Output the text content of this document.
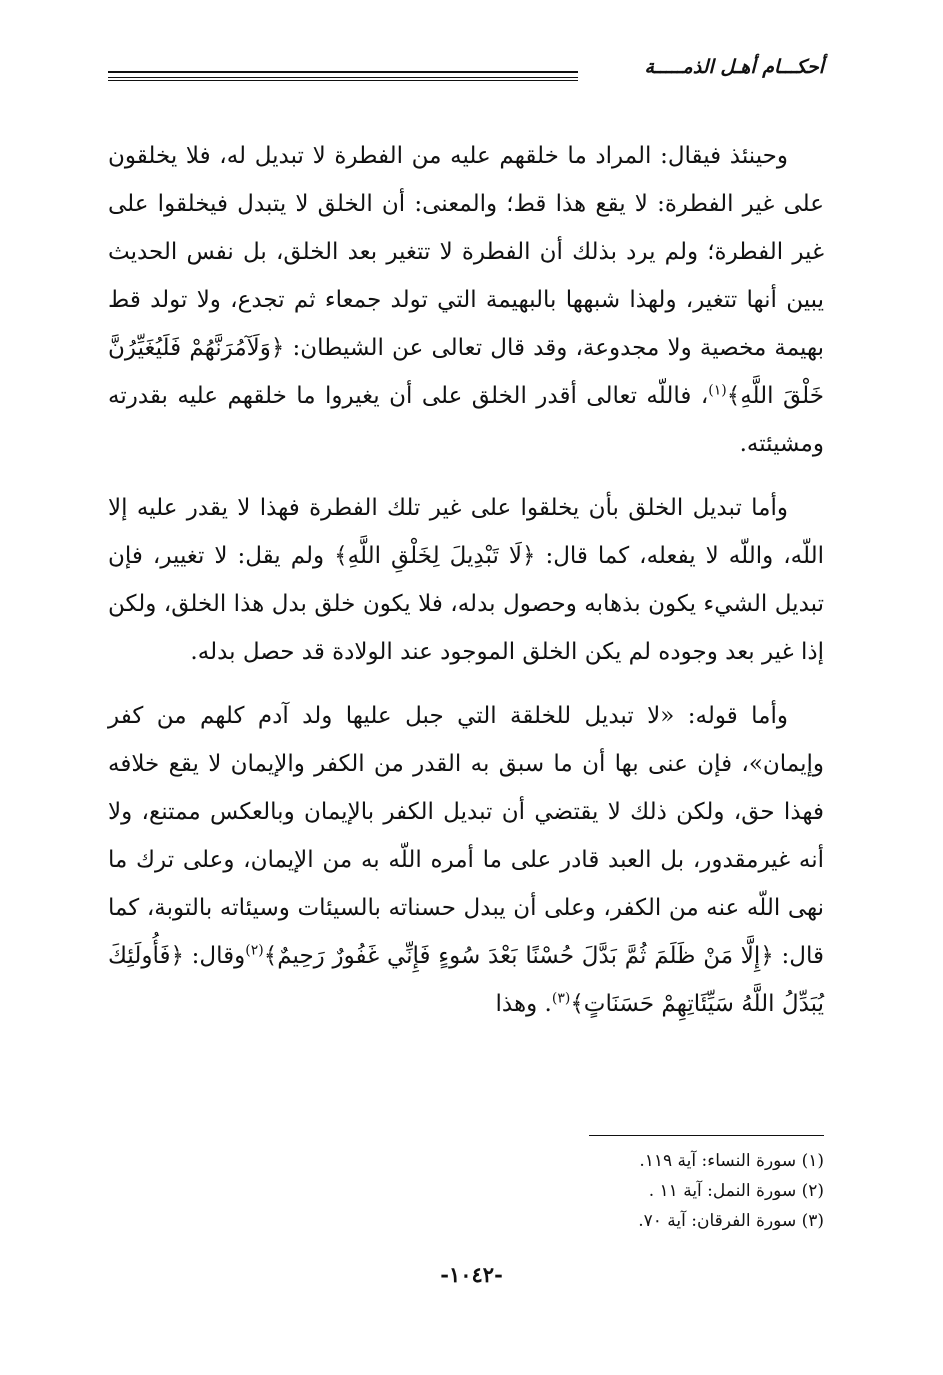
أحكـــام أهـل الذمـــــة

وحينئذ فيقال: المراد ما خلقهم عليه من الفطرة لا تبديل له، فلا يخلقون على غير الفطرة: لا يقع هذا قط؛ والمعنى: أن الخلق لا يتبدل فيخلقوا على غير الفطرة؛ ولم يرد بذلك أن الفطرة لا تتغير بعد الخلق، بل نفس الحديث يبين أنها تتغير، ولهذا شبهها بالبهيمة التي تولد جمعاء ثم تجدع، ولا تولد قط بهيمة مخصية ولا مجدوعة، وقد قال تعالى عن الشيطان: ﴿وَلَآمُرَنَّهُمْ فَلَيُغَيِّرُنَّ خَلْقَ اللَّهِ﴾$^{(١)}$، فاللّه تعالى أقدر الخلق على أن يغيروا ما خلقهم عليه بقدرته ومشيئته.

وأما تبديل الخلق بأن يخلقوا على غير تلك الفطرة فهذا لا يقدر عليه إلا اللّه، واللّه لا يفعله، كما قال: ﴿لَا تَبْدِيلَ لِخَلْقِ اللَّهِ﴾ ولم يقل: لا تغيير، فإن تبديل الشيء يكون بذهابه وحصول بدله، فلا يكون خلق بدل هذا الخلق، ولكن إذا غير بعد وجوده لم يكن الخلق الموجود عند الولادة قد حصل بدله.

وأما قوله: «لا تبديل للخلقة التي جبل عليها ولد آدم كلهم من كفر وإيمان»، فإن عنى بها أن ما سبق به القدر من الكفر والإيمان لا يقع خلافه فهذا حق، ولكن ذلك لا يقتضي أن تبديل الكفر بالإيمان وبالعكس ممتنع، ولا أنه غيرمقدور، بل العبد قادر على ما أمره اللّه به من الإيمان، وعلى ترك ما نهى اللّه عنه من الكفر، وعلى أن يبدل حسناته بالسيئات وسيئاته بالتوبة، كما قال: ﴿إِلَّا مَنْ ظَلَمَ ثُمَّ بَدَّلَ حُسْنًا بَعْدَ سُوءٍ فَإِنِّي غَفُورٌ رَحِيمٌ﴾$^{(٢)}$وقال: ﴿فَأُولَئِكَ يُبَدِّلُ اللَّهُ سَيِّئَاتِهِمْ حَسَنَاتٍ﴾$^{(٣)}$. وهذا

(١) سورة النساء: آية ١١٩.
(٢) سورة النمل: آية ١١ .
(٣) سورة الفرقان: آية ٧٠.
-١٠٤٢-
